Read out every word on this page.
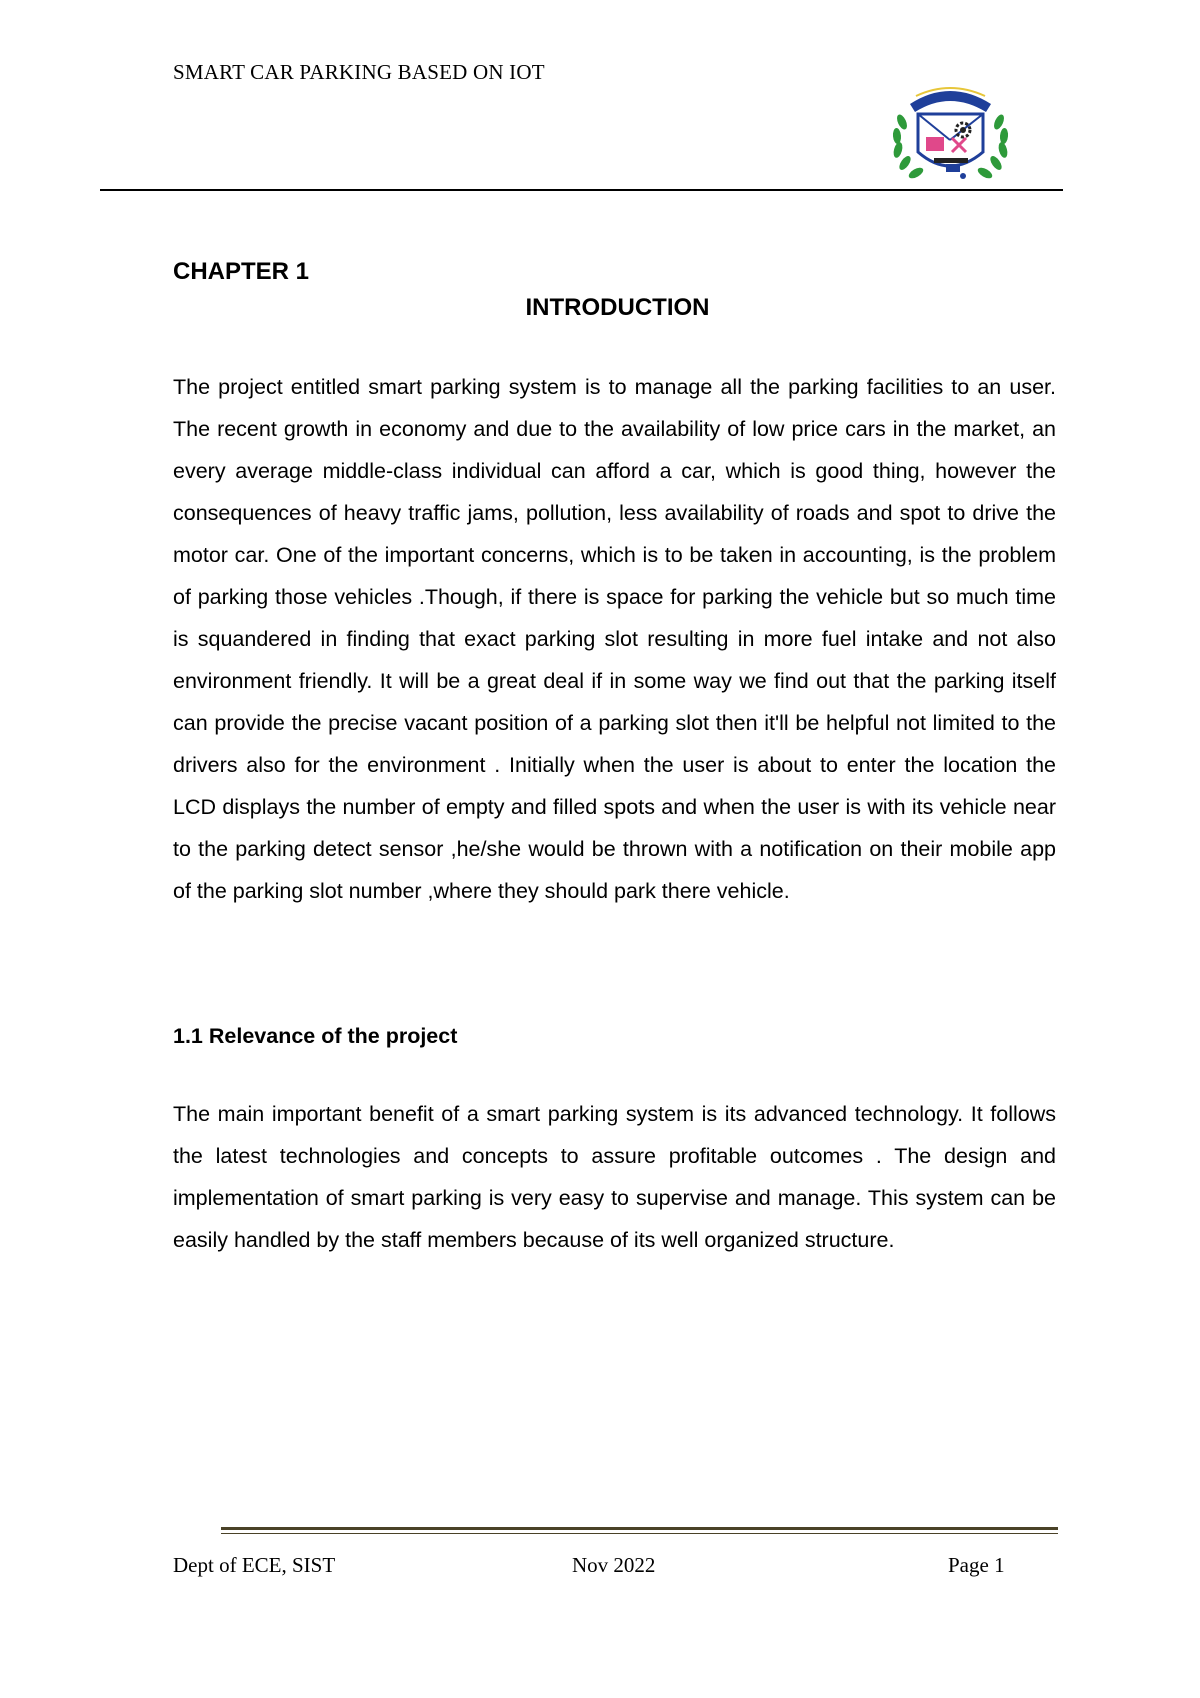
SMART CAR PARKING BASED ON IOT
CHAPTER 1
INTRODUCTION

The project entitled smart parking system is to manage all the parking facilities to an user. The recent growth in economy and due to the availability of low price cars in the market, an every average middle-class individual can afford a car, which is good thing, however the consequences of heavy traffic jams, pollution, less availability of roads and spot to drive the motor car. One of the important concerns, which is to be taken in accounting, is the problem of parking those vehicles .Though, if there is space for parking the vehicle but so much time is squandered in finding that exact parking slot resulting in more fuel intake and not also environment friendly. It will be a great deal if in some way we find out that the parking itself can provide the precise vacant position of a parking slot then it'll be helpful not limited to the drivers also for the environment . Initially when the user is about to enter the location the LCD displays the number of empty and filled spots and when the user is with its vehicle near to the parking detect sensor ,he/she would be thrown with a notification on their mobile app of the parking slot number ,where they should park there vehicle.

1.1 Relevance of the project

The main important benefit of a smart parking system is its advanced technology. It follows the latest technologies and concepts to assure profitable outcomes . The design and implementation of smart parking is very easy to supervise and manage. This system can be easily handled by the staff members because of its well organized structure.

Dept of ECE, SIST	Nov 2022	Page 1
